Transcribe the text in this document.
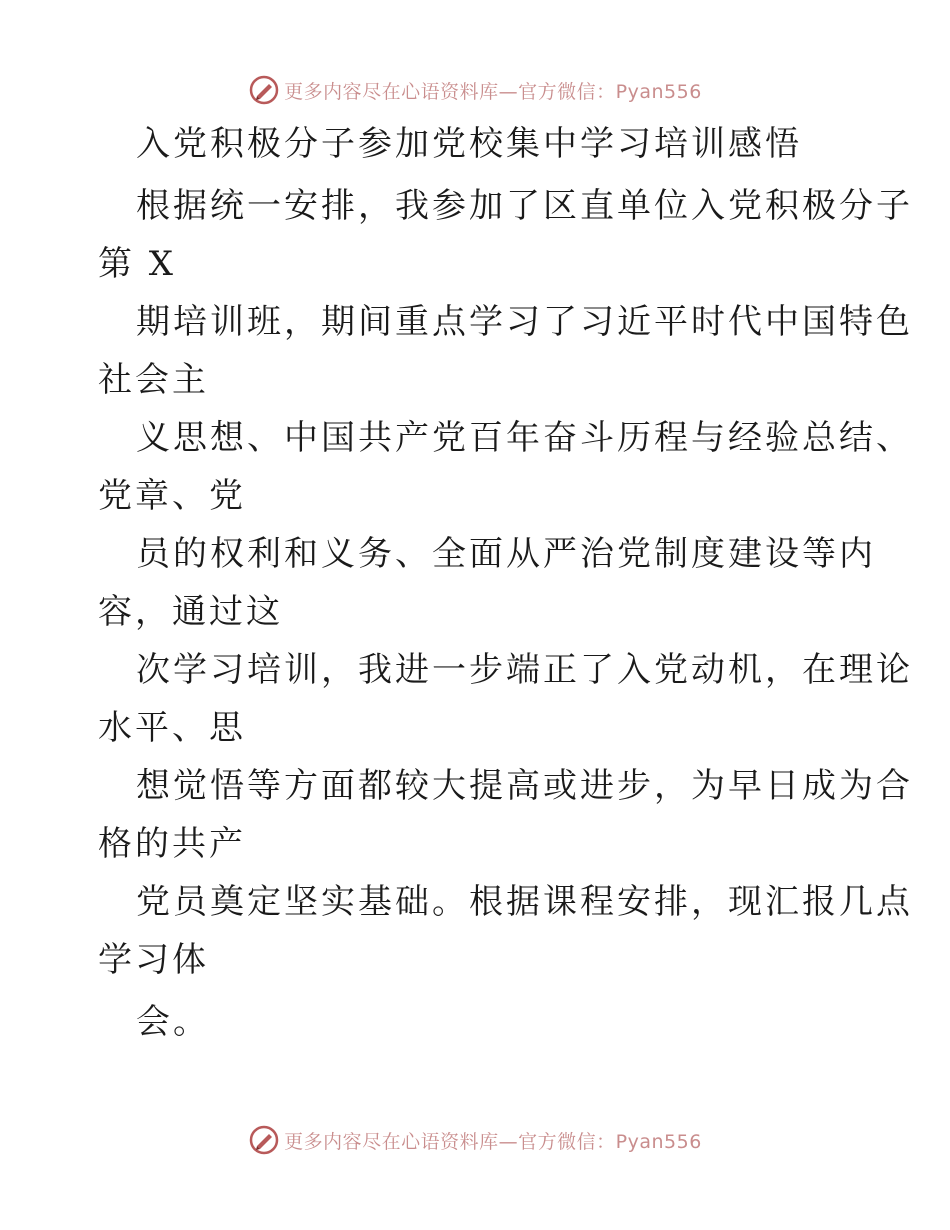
更多内容尽在心语资料库—官方微信：Pyan556
入党积极分子参加党校集中学习培训感悟
根据统一安排，我参加了区直单位入党积极分子
第 X
期培训班，期间重点学习了习近平时代中国特色
社会主
义思想、中国共产党百年奋斗历程与经验总结、
党章、党
员的权利和义务、全面从严治党制度建设等内
容，通过这
次学习培训，我进一步端正了入党动机，在理论
水平、思
想觉悟等方面都较大提高或进步，为早日成为合
格的共产
党员奠定坚实基础。根据课程安排，现汇报几点
学习体
会。
更多内容尽在心语资料库—官方微信：Pyan556
